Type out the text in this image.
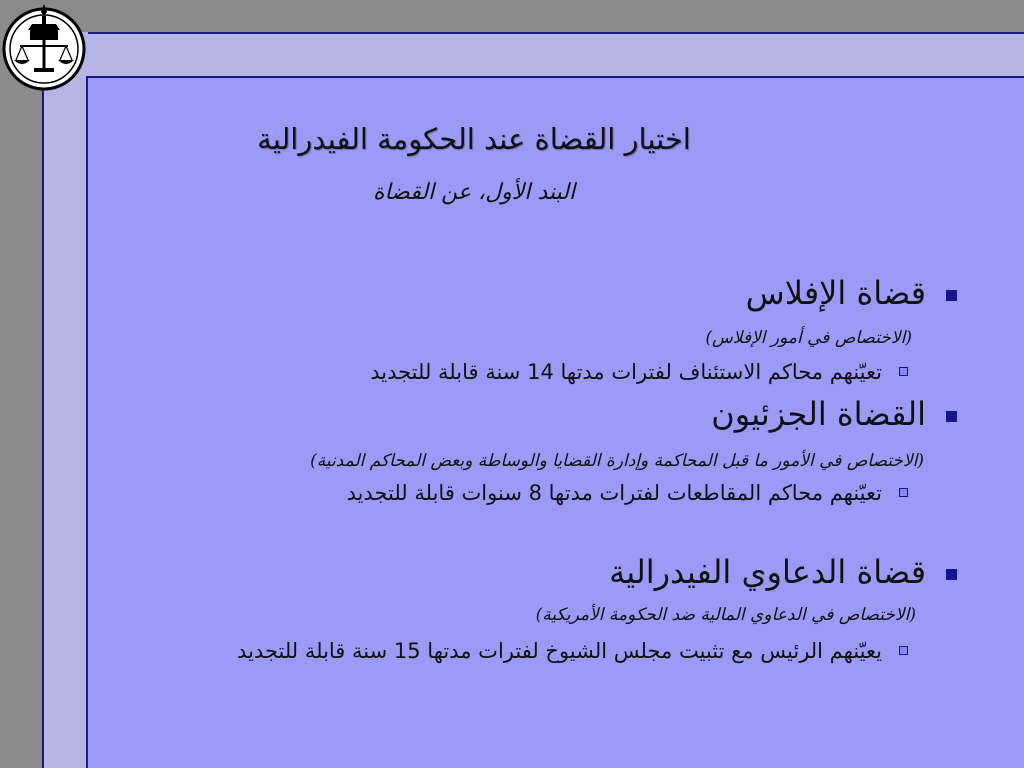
اختيار القضاة عند الحكومة الفيدرالية
البند الأول، عن القضاة
قضاة الإفلاس
(الاختصاص في أمور الإفلاس)
تعيّنهم محاكم الاستئناف لفترات مدتها 14 سنة قابلة للتجديد
القضاة الجزئيون
(الاختصاص في الأمور ما قبل المحاكمة وإدارة القضايا والوساطة وبعض المحاكم المدنية)
تعيّنهم محاكم المقاطعات لفترات مدتها 8 سنوات قابلة للتجديد
قضاة الدعاوي الفيدرالية
(الاختصاص في الدعاوي المالية ضد الحكومة الأمريكية)
يعيّنهم الرئيس مع تثبيت مجلس الشيوخ لفترات مدتها 15 سنة قابلة للتجديد
